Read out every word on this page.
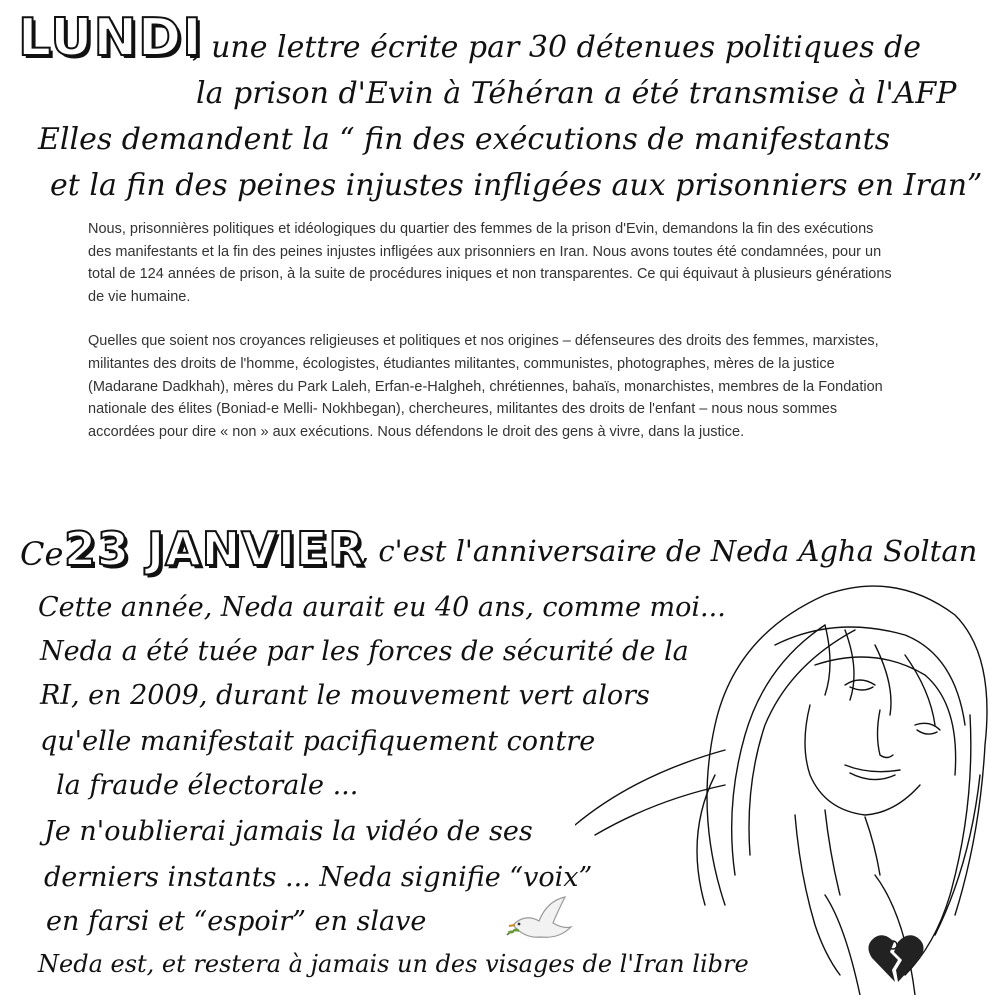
LUNDI
, une lettre écrite par 30 détenues politiques de
la prison d'Evin à Téhéran a été transmise à l'AFP
Elles demandent la “ fin des exécutions de manifestants
et la fin des peines injustes infligées aux prisonniers en Iran”

Nous, prisonnières politiques et idéologiques du quartier des femmes de la prison d'Evin, demandons la fin des exécutions des manifestants et la fin des peines injustes infligées aux prisonniers en Iran. Nous avons toutes été condamnées, pour un total de 124 années de prison, à la suite de procédures iniques et non transparentes. Ce qui équivaut à plusieurs générations de vie humaine.

Quelles que soient nos croyances religieuses et politiques et nos origines – défenseures des droits des femmes, marxistes, militantes des droits de l'homme, écologistes, étudiantes militantes, communistes, photographes, mères de la justice (Madarane Dadkhah), mères du Park Laleh, Erfan-e-Halgheh, chrétiennes, bahaïs, monarchistes, membres de la Fondation nationale des élites (Boniad-e Melli- Nokhbegan), chercheures, militantes des droits de l'enfant – nous nous sommes accordées pour dire « non » aux exécutions. Nous défendons le droit des gens à vivre, dans la justice.

Ce 23 JANVIER
, c'est l'anniversaire de Neda Agha Soltan
Cette année, Neda aurait eu 40 ans, comme moi...
Neda a été tuée par les forces de sécurité de la
RI, en 2009, durant le mouvement vert alors
qu'elle manifestait pacifiquement contre
la fraude électorale ...
Je n'oublierai jamais la vidéo de ses
derniers instants ... Neda signifie “voix”
en farsi et “espoir” en slave
Neda est, et restera à jamais un des visages de l'Iran libre
